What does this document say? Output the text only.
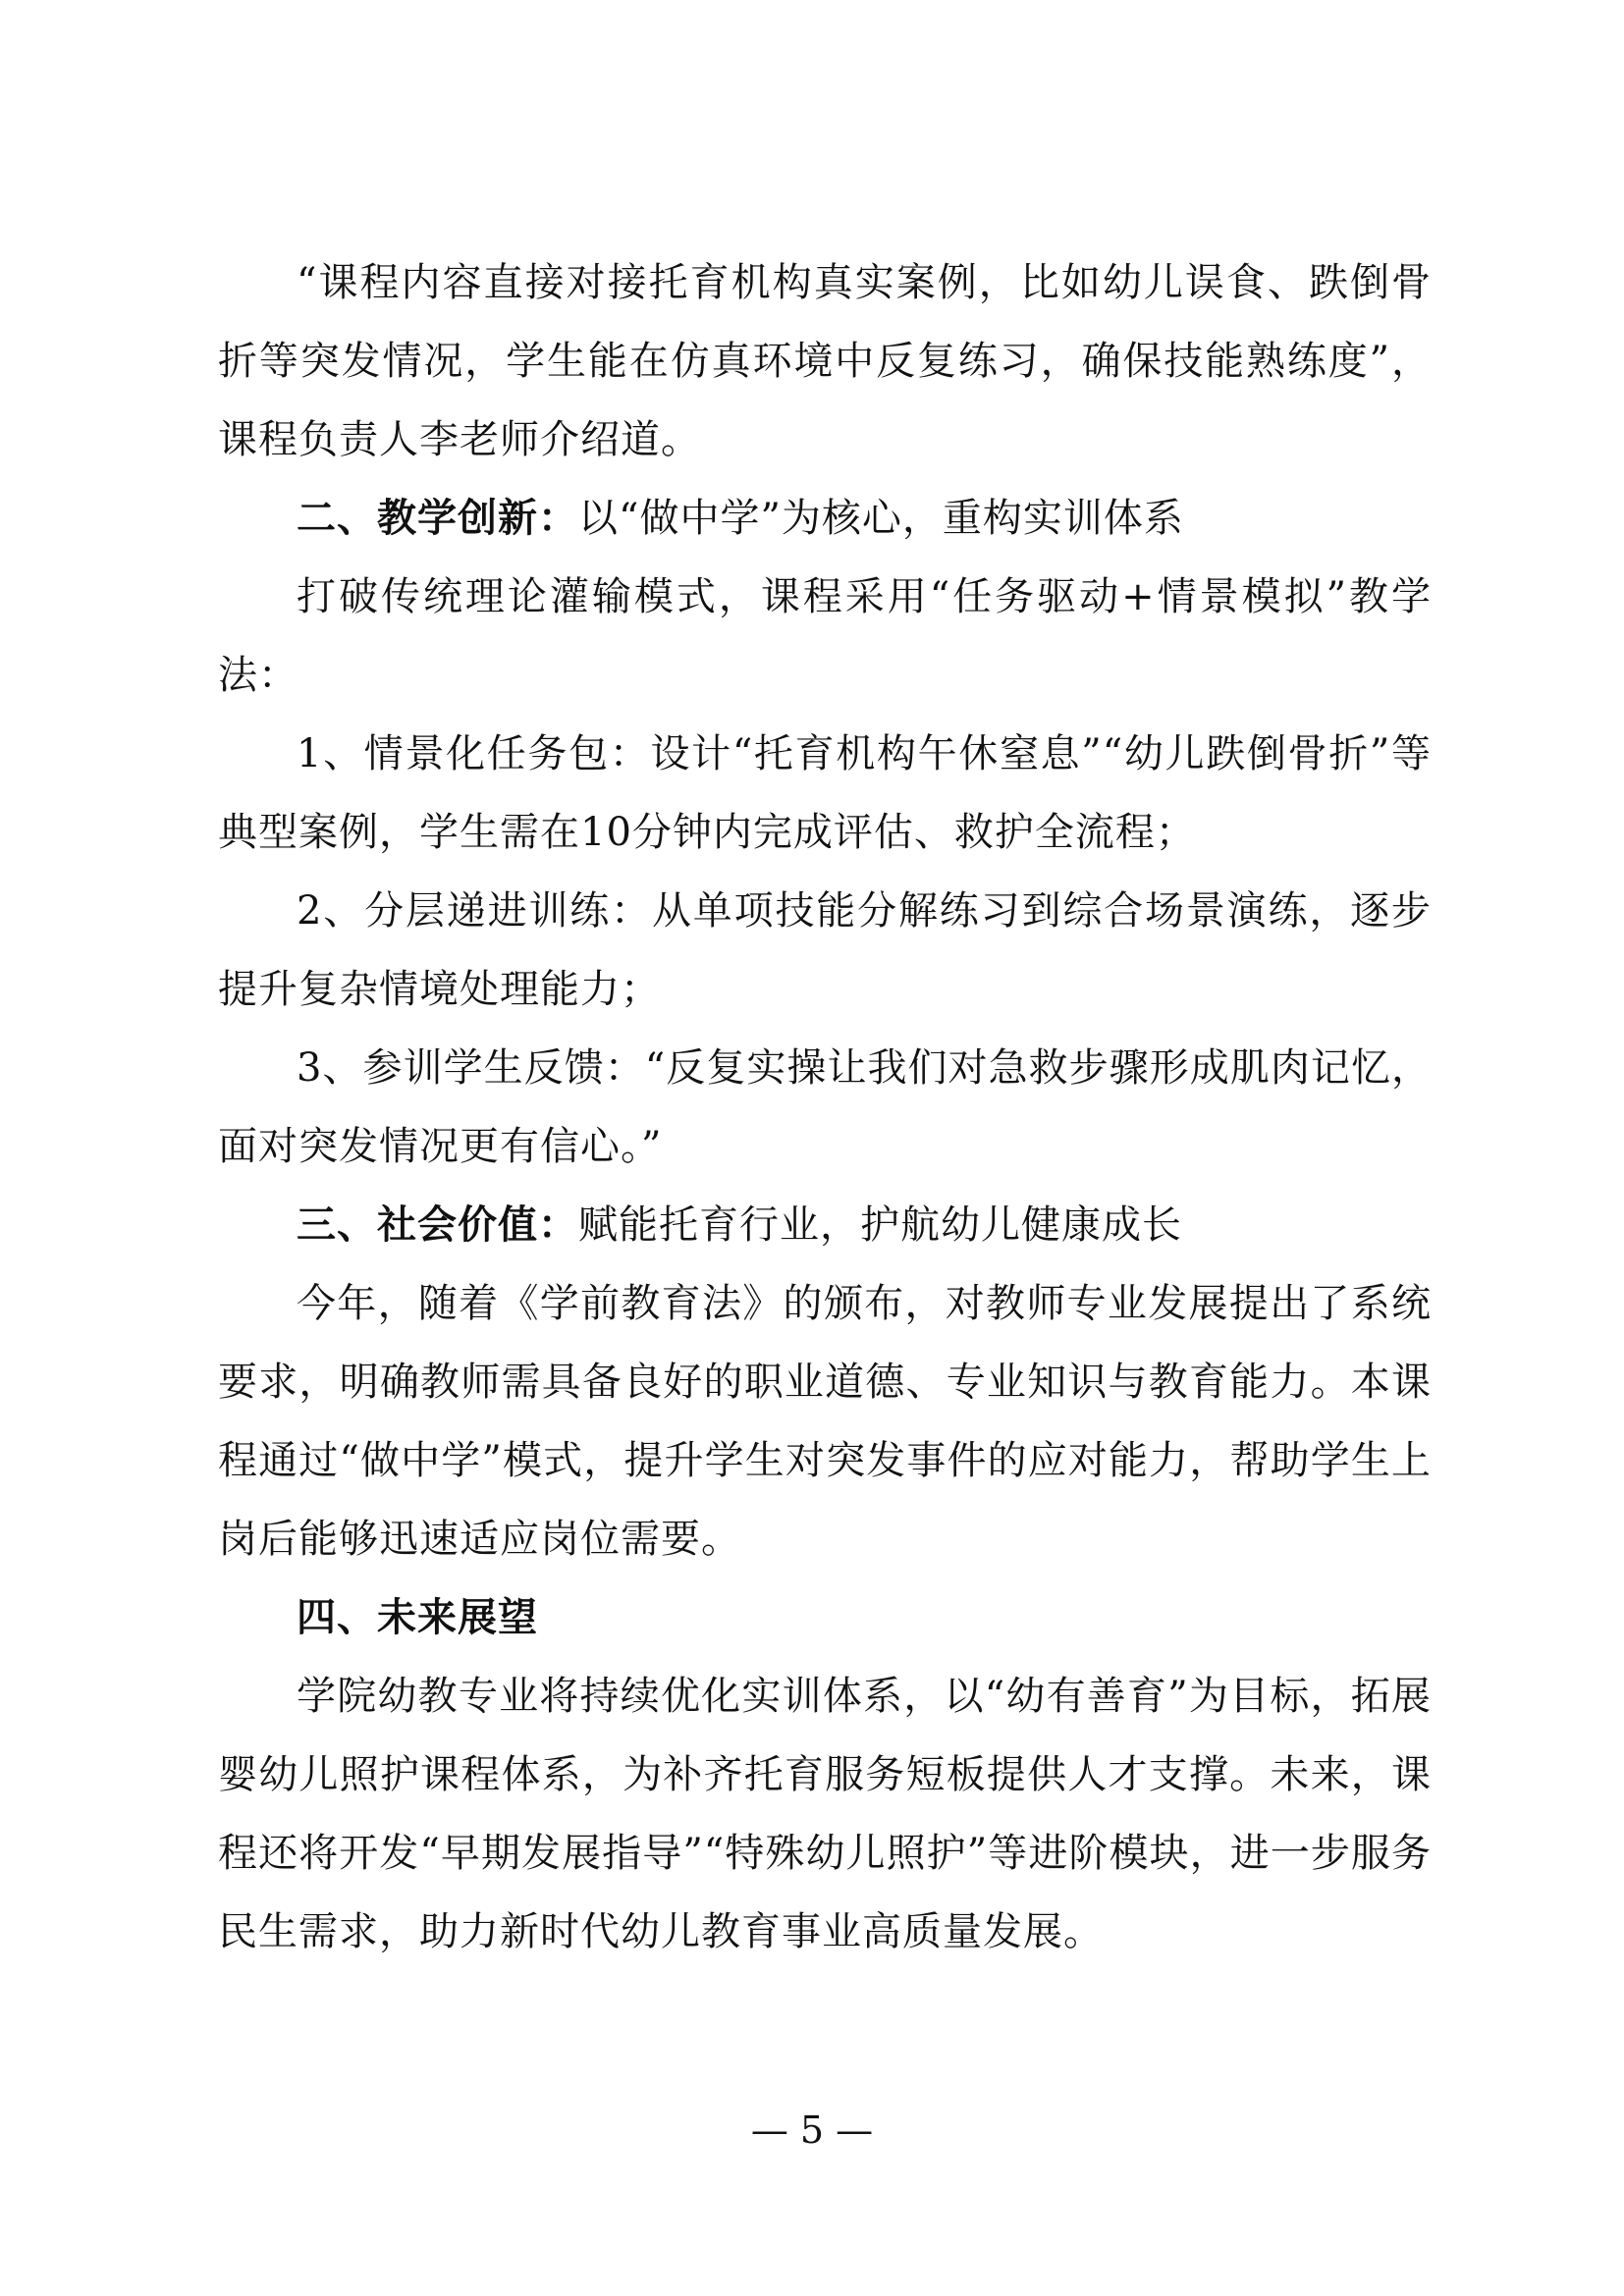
“课程内容直接对接托育机构真实案例，比如幼儿误食、跌倒骨折等突发情况，学生能在仿真环境中反复练习，确保技能熟练度”，课程负责人李老师介绍道。

二、教学创新：以“做中学”为核心，重构实训体系

打破传统理论灌输模式，课程采用“任务驱动+情景模拟”教学法：

1、情景化任务包：设计“托育机构午休窒息”“幼儿跌倒骨折”等典型案例，学生需在10分钟内完成评估、救护全流程；

2、分层递进训练：从单项技能分解练习到综合场景演练，逐步提升复杂情境处理能力；

3、参训学生反馈：“反复实操让我们对急救步骤形成肌肉记忆，面对突发情况更有信心。”

三、社会价值：赋能托育行业，护航幼儿健康成长

今年，随着《学前教育法》的颁布，对教师专业发展提出了系统要求，明确教师需具备良好的职业道德、专业知识与教育能力。本课程通过“做中学”模式，提升学生对突发事件的应对能力，帮助学生上岗后能够迅速适应岗位需要。

四、未来展望

学院幼教专业将持续优化实训体系，以“幼有善育”为目标，拓展婴幼儿照护课程体系，为补齐托育服务短板提供人才支撑。未来，课程还将开发“早期发展指导”“特殊幼儿照护”等进阶模块，进一步服务民生需求，助力新时代幼儿教育事业高质量发展。

— 5 —
